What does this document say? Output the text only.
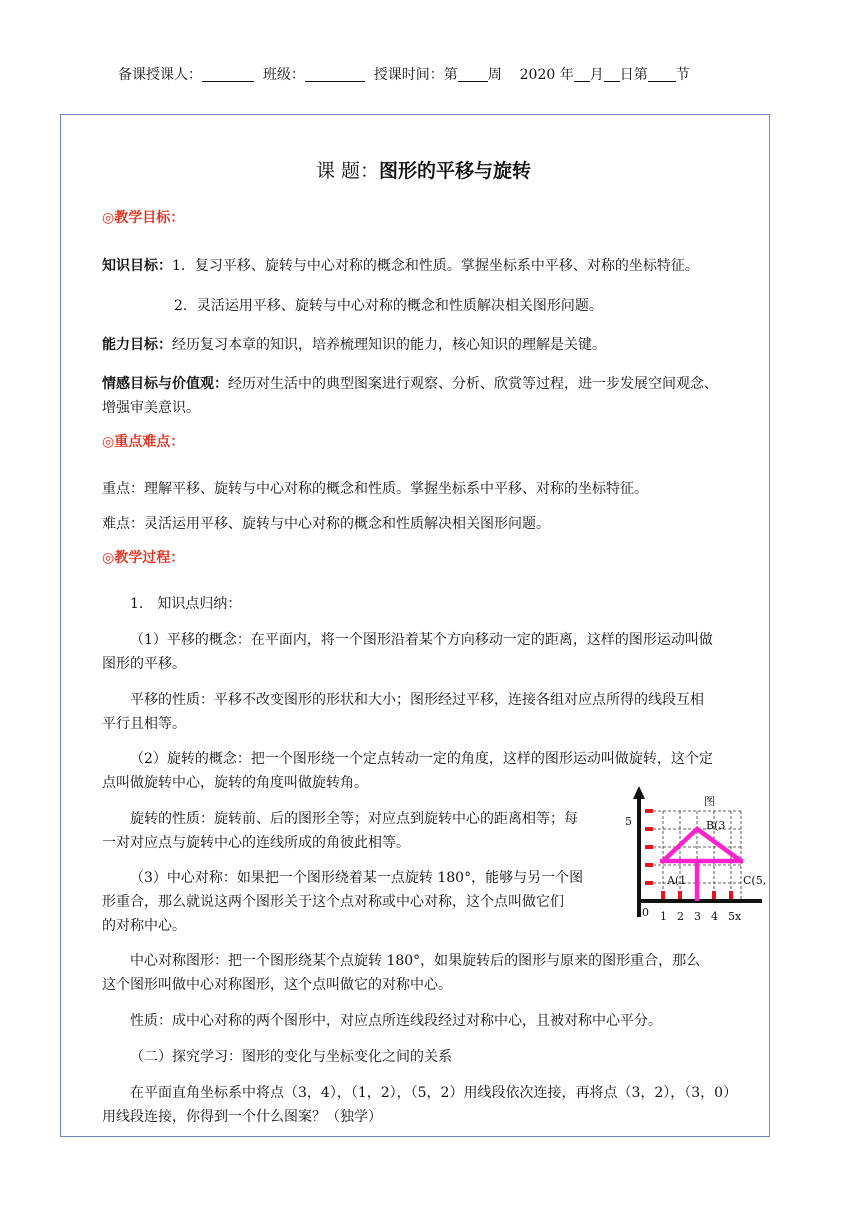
备课授课人：	班级：	授课时间：第 周 2020 年 月 日第 节
课 题：图形的平移与旋转
◎教学目标：
知识目标：1．复习平移、旋转与中心对称的概念和性质。掌握坐标系中平移、对称的坐标特征。
2．灵活运用平移、旋转与中心对称的概念和性质解决相关图形问题。
能力目标：经历复习本章的知识，培养梳理知识的能力，核心知识的理解是关键。
情感目标与价值观：经历对生活中的典型图案进行观察、分析、欣赏等过程，进一步发展空间观念、
增强审美意识。
◎重点难点：
重点：理解平移、旋转与中心对称的概念和性质。掌握坐标系中平移、对称的坐标特征。
难点：灵活运用平移、旋转与中心对称的概念和性质解决相关图形问题。
◎教学过程：
1． 知识点归纳：
（1）平移的概念：在平面内，将一个图形沿着某个方向移动一定的距离，这样的图形运动叫做
图形的平移。
平移的性质：平移不改变图形的形状和大小；图形经过平移，连接各组对应点所得的线段互相
平行且相等。
（2）旋转的概念：把一个图形绕一个定点转动一定的角度，这样的图形运动叫做旋转，这个定
点叫做旋转中心，旋转的角度叫做旋转角。
旋转的性质：旋转前、后的图形全等；对应点到旋转中心的距离相等；每
一对对应点与旋转中心的连线所成的角彼此相等。
（3）中心对称：如果把一个图形绕着某一点旋转 180°，能够与另一个图
形重合，那么就说这两个图形关于这个点对称或中心对称，这个点叫做它们
的对称中心。
中心对称图形：把一个图形绕某个点旋转 180°，如果旋转后的图形与原来的图形重合，那么
这个图形叫做中心对称图形，这个点叫做它的对称中心。
性质：成中心对称的两个图形中，对应点所连线段经过对称中心，且被对称中心平分。
（二）探究学习：图形的变化与坐标变化之间的关系
在平面直角坐标系中将点（3，4），（1，2），（5，2）用线段依次连接，再将点（3，2），（3，0）
用线段连接，你得到一个什么图案？（独学）
图
B(3
A(1	C(5,
5
0 1 2 3 4 5x
